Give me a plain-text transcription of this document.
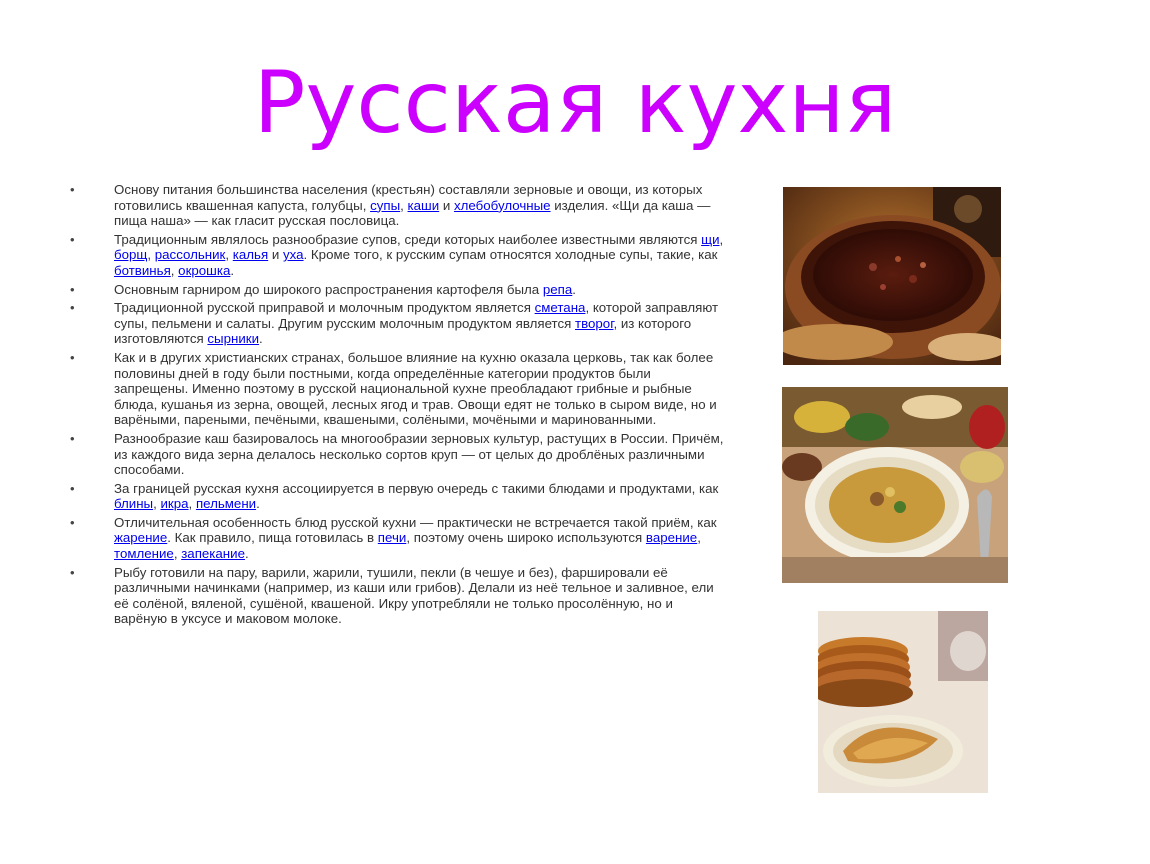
Русская кухня
•	Основу питания большинства населения (крестьян) составляли зерновые и овощи, из которых готовились квашенная капуста, голубцы, супы, каши и хлебобулочные изделия. «Щи да каша — пища наша» — как гласит русская пословица.
•	Традиционным являлось разнообразие супов, среди которых наиболее известными являются щи, борщ, рассольник, калья и уха. Кроме того, к русским супам относятся холодные супы, такие, как ботвинья, окрошка.
•	Основным гарниром до широкого распространения картофеля была репа.
•	Традиционной русской приправой и молочным продуктом является сметана, которой заправляют супы, пельмени и салаты. Другим русским молочным продуктом является творог, из которого изготовляются сырники.
•	Как и в других христианских странах, большое влияние на кухню оказала церковь, так как более половины дней в году были постными, когда определённые категории продуктов были запрещены. Именно поэтому в русской национальной кухне преобладают грибные и рыбные блюда, кушанья из зерна, овощей, лесных ягод и трав. Овощи едят не только в сыром виде, но и варёными, пареными, печёными, квашеными, солёными, мочёными и маринованными.
•	Разнообразие каш базировалось на многообразии зерновых культур, растущих в России. Причём, из каждого вида зерна делалось несколько сортов круп — от целых до дроблёных различными способами.
•	За границей русская кухня ассоциируется в первую очередь с такими блюдами и продуктами, как блины, икра, пельмени.
•	Отличительная особенность блюд русской кухни — практически не встречается такой приём, как жарение. Как правило, пища готовилась в печи, поэтому очень широко используются варение, томление, запекание.
•	Рыбу готовили на пару, варили, жарили, тушили, пекли (в чешуе и без), фаршировали её различными начинками (например, из каши или грибов). Делали из неё тельное и заливное, ели её солёной, вяленой, сушёной, квашеной. Икру употребляли не только просолённую, но и варёную в уксусе и маковом молоке.
